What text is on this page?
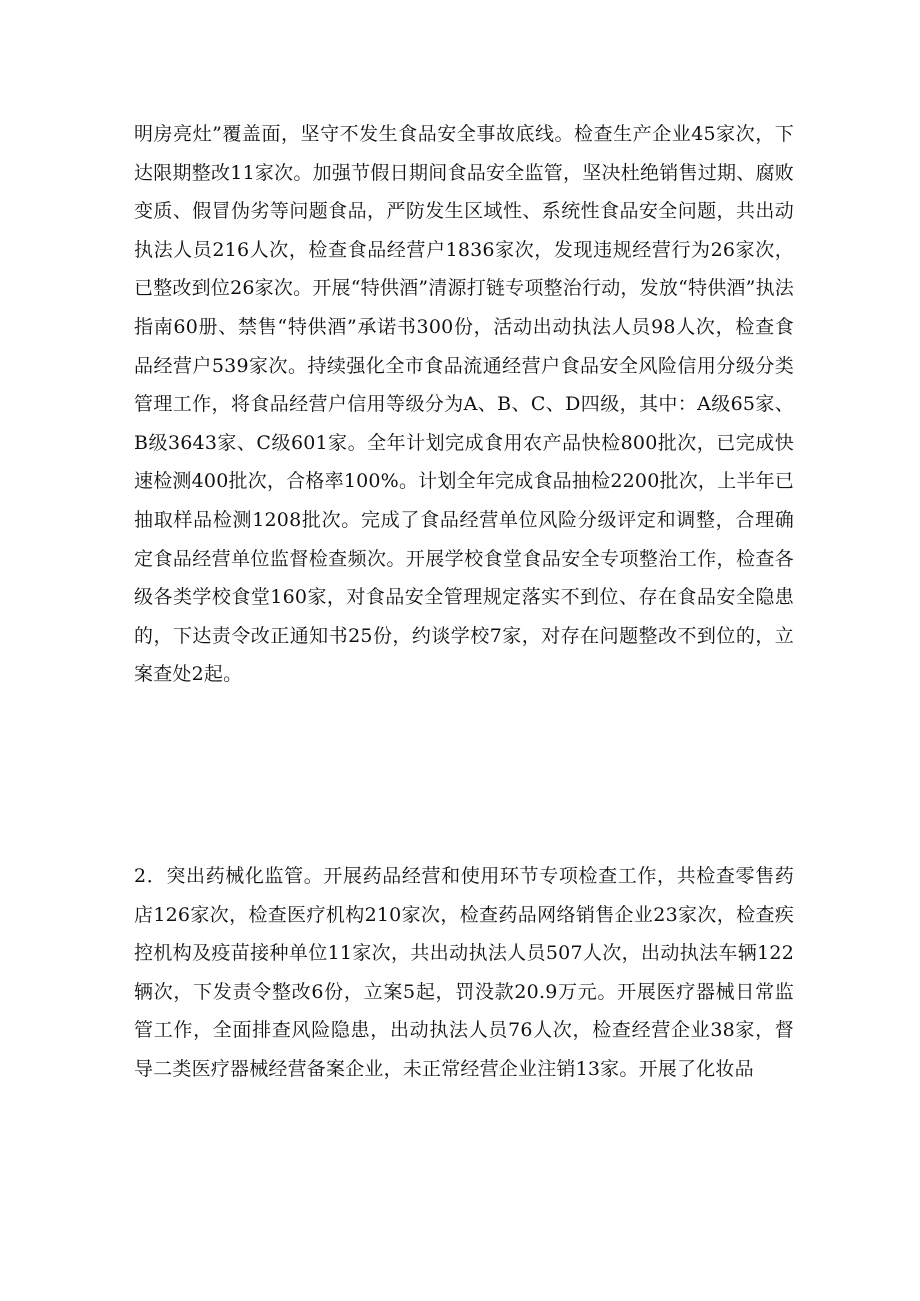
明房亮灶”覆盖面，坚守不发生食品安全事故底线。检查生产企业45家次，下达限期整改11家次。加强节假日期间食品安全监管，坚决杜绝销售过期、腐败变质、假冒伪劣等问题食品，严防发生区域性、系统性食品安全问题，共出动执法人员216人次，检查食品经营户1836家次，发现违规经营行为26家次，已整改到位26家次。开展“特供酒”清源打链专项整治行动，发放“特供酒”执法指南60册、禁售“特供酒”承诺书300份，活动出动执法人员98人次，检查食品经营户539家次。持续强化全市食品流通经营户食品安全风险信用分级分类管理工作，将食品经营户信用等级分为A、B、C、D四级，其中：A级65家、B级3643家、C级601家。全年计划完成食用农产品快检800批次，已完成快速检测400批次，合格率100%。计划全年完成食品抽检2200批次，上半年已抽取样品检测1208批次。完成了食品经营单位风险分级评定和调整，合理确定食品经营单位监督检查频次。开展学校食堂食品安全专项整治工作，检查各级各类学校食堂160家，对食品安全管理规定落实不到位、存在食品安全隐患的，下达责令改正通知书25份，约谈学校7家，对存在问题整改不到位的，立案查处2起。

2．突出药械化监管。开展药品经营和使用环节专项检查工作，共检查零售药店126家次，检查医疗机构210家次，检查药品网络销售企业23家次，检查疾控机构及疫苗接种单位11家次，共出动执法人员507人次，出动执法车辆122辆次，下发责令整改6份，立案5起，罚没款20.9万元。开展医疗器械日常监管工作，全面排查风险隐患，出动执法人员76人次，检查经营企业38家，督导二类医疗器械经营备案企业，未正常经营企业注销13家。开展了化妆品
